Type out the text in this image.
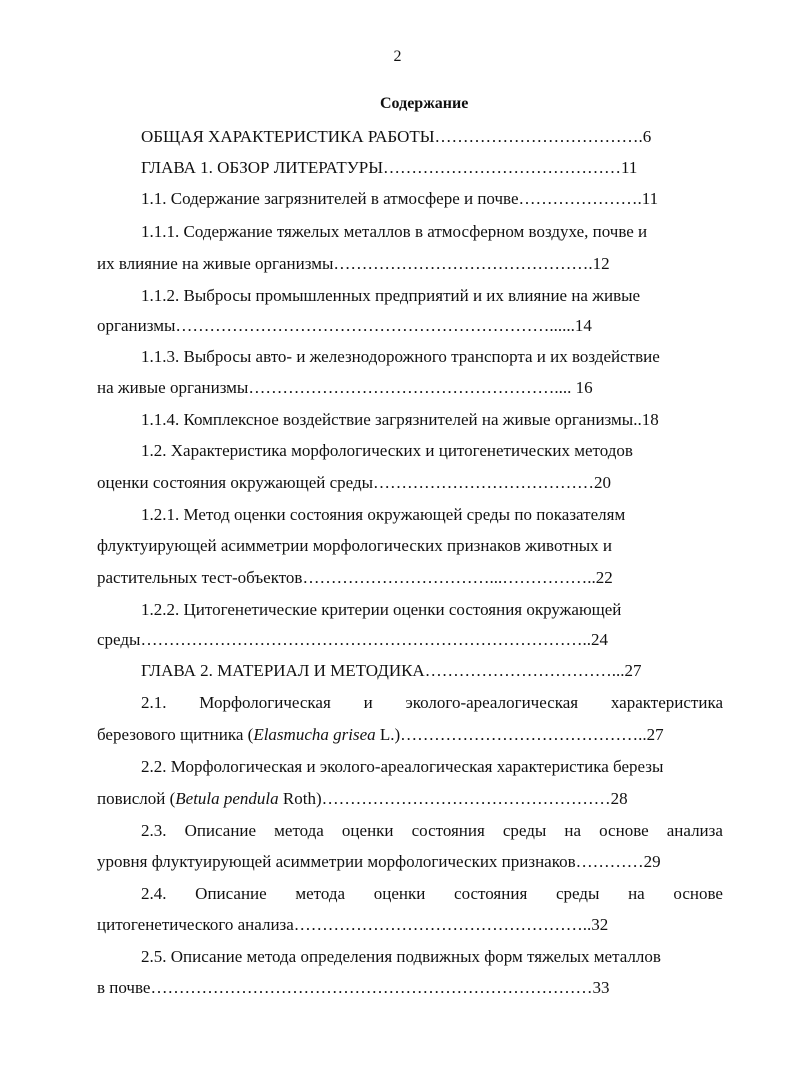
2
Содержание
ОБЩАЯ ХАРАКТЕРИСТИКА РАБОТЫ……………………………….6
ГЛАВА 1. ОБЗОР ЛИТЕРАТУРЫ……………………………………11
1.1. Содержание загрязнителей в атмосфере и почве………………….11
1.1.1. Содержание тяжелых металлов в атмосферном воздухе, почве и
их влияние на живые организмы……………………………………….12
1.1.2. Выбросы промышленных предприятий и их влияние на живые
организмы…………………………………………………………......14
1.1.3. Выбросы авто- и железнодорожного транспорта и их воздействие
на живые организмы……………………………………………….... 16
1.1.4. Комплексное воздействие загрязнителей на живые организмы..18
1.2. Характеристика морфологических и цитогенетических методов
оценки состояния окружающей среды…………………………………20
1.2.1. Метод оценки состояния окружающей среды по показателям
флуктуирующей асимметрии морфологических признаков животных и
растительных тест-объектов……………………………...……………..22
1.2.2. Цитогенетические критерии оценки состояния окружающей
среды……………………………………………………………………..24
ГЛАВА 2. МАТЕРИАЛ И МЕТОДИКА……………………………...27
2.1. Морфологическая и эколого-ареалогическая характеристика
березового щитника (Elasmucha grisea L.)……………………………………..27
2.2. Морфологическая и эколого-ареалогическая характеристика березы
повислой (Betula pendula Roth)……………………………………………28
2.3. Описание метода оценки состояния среды на основе анализа
уровня флуктуирующей асимметрии морфологических признаков…………29
2.4. Описание метода оценки состояния среды на основе
цитогенетического анализа……………………………………………..32
2.5. Описание метода определения подвижных форм тяжелых металлов
в почве……………………………………………………………………33
